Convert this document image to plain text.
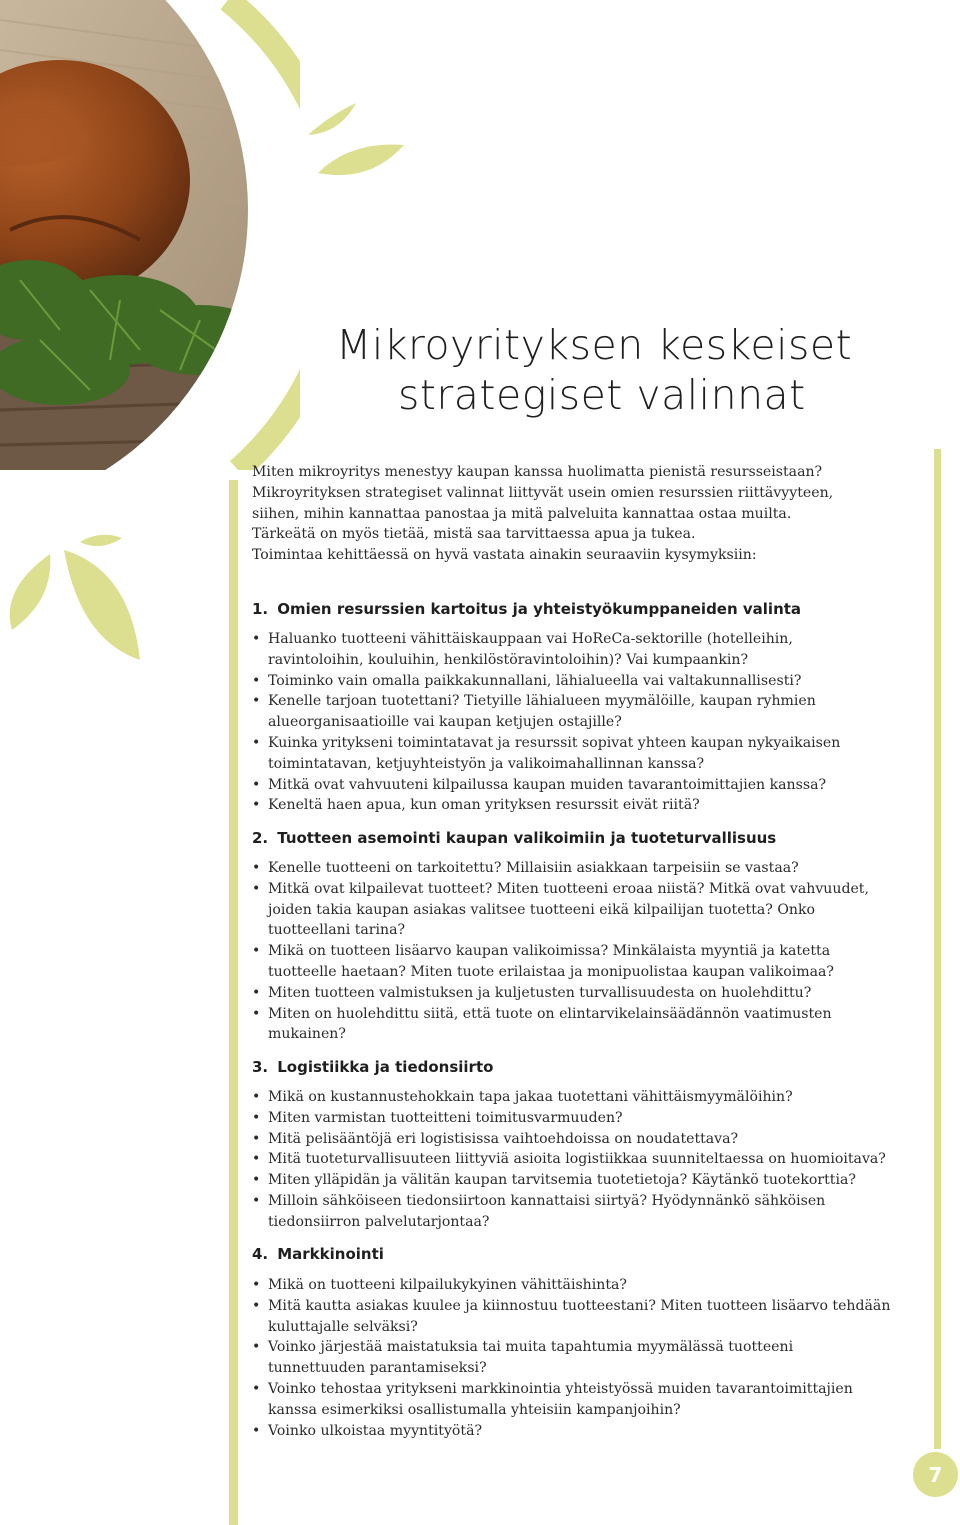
Mikroyrityksen keskeiset
strategiset valinnat

Miten mikroyritys menestyy kaupan kanssa huolimatta pienistä resursseistaan?

Mikroyrityksen strategiset valinnat liittyvät usein omien resurssien riittävyyteen,

siihen, mihin kannattaa panostaa ja mitä palveluita kannattaa ostaa muilta.

Tärkeätä on myös tietää, mistä saa tarvittaessa apua ja tukea.

Toimintaa kehittäessä on hyvä vastata ainakin seuraaviin kysymyksiin:

1. Omien resurssien kartoitus ja yhteistyökumppaneiden valinta
• Haluanko tuotteeni vähittäiskauppaan vai HoReCa-sektorille (hotelleihin,
ravintoloihin, kouluihin, henkilöstöravintoloihin)? Vai kumpaankin?
• Toiminko vain omalla paikkakunnallani, lähialueella vai valtakunnallisesti?
• Kenelle tarjoan tuotettani? Tietyille lähialueen myymälöille, kaupan ryhmien
alueorganisaatioille vai kaupan ketjujen ostajille?
• Kuinka yritykseni toimintatavat ja resurssit sopivat yhteen kaupan nykyaikaisen
toimintatavan, ketjuyhteistyön ja valikoimahallinnan kanssa?
• Mitkä ovat vahvuuteni kilpailussa kaupan muiden tavarantoimittajien kanssa?
• Keneltä haen apua, kun oman yrityksen resurssit eivät riitä?
2. Tuotteen asemointi kaupan valikoimiin ja tuoteturvallisuus
• Kenelle tuotteeni on tarkoitettu? Millaisiin asiakkaan tarpeisiin se vastaa?
• Mitkä ovat kilpailevat tuotteet? Miten tuotteeni eroaa niistä? Mitkä ovat vahvuudet,
joiden takia kaupan asiakas valitsee tuotteeni eikä kilpailijan tuotetta? Onko
tuotteellani tarina?
• Mikä on tuotteen lisäarvo kaupan valikoimissa? Minkälaista myyntiä ja katetta
tuotteelle haetaan? Miten tuote erilaistaa ja monipuolistaa kaupan valikoimaa?
• Miten tuotteen valmistuksen ja kuljetusten turvallisuudesta on huolehdittu?
• Miten on huolehdittu siitä, että tuote on elintarvikelainsäädännön vaatimusten
mukainen?
3. Logistiikka ja tiedonsiirto
• Mikä on kustannustehokkain tapa jakaa tuotettani vähittäismyymälöihin?
• Miten varmistan tuotteitteni toimitusvarmuuden?
• Mitä pelisääntöjä eri logistisissa vaihtoehdoissa on noudatettava?
• Mitä tuoteturvallisuuteen liittyviä asioita logistiikkaa suunniteltaessa on huomioitava?
• Miten ylläpidän ja välitän kaupan tarvitsemia tuotetietoja? Käytänkö tuotekorttia?
• Milloin sähköiseen tiedonsiirtoon kannattaisi siirtyä? Hyödynnänkö sähköisen
tiedonsiirron palvelutarjontaa?
4. Markkinointi
• Mikä on tuotteeni kilpailukykyinen vähittäishinta?
• Mitä kautta asiakas kuulee ja kiinnostuu tuotteestani? Miten tuotteen lisäarvo tehdään
kuluttajalle selväksi?
• Voinko järjestää maistatuksia tai muita tapahtumia myymälässä tuotteeni
tunnettuuden parantamiseksi?
• Voinko tehostaa yritykseni markkinointia yhteistyössä muiden tavarantoimittajien
kanssa esimerkiksi osallistumalla yhteisiin kampanjoihin?
• Voinko ulkoistaa myyntityötä?
7
